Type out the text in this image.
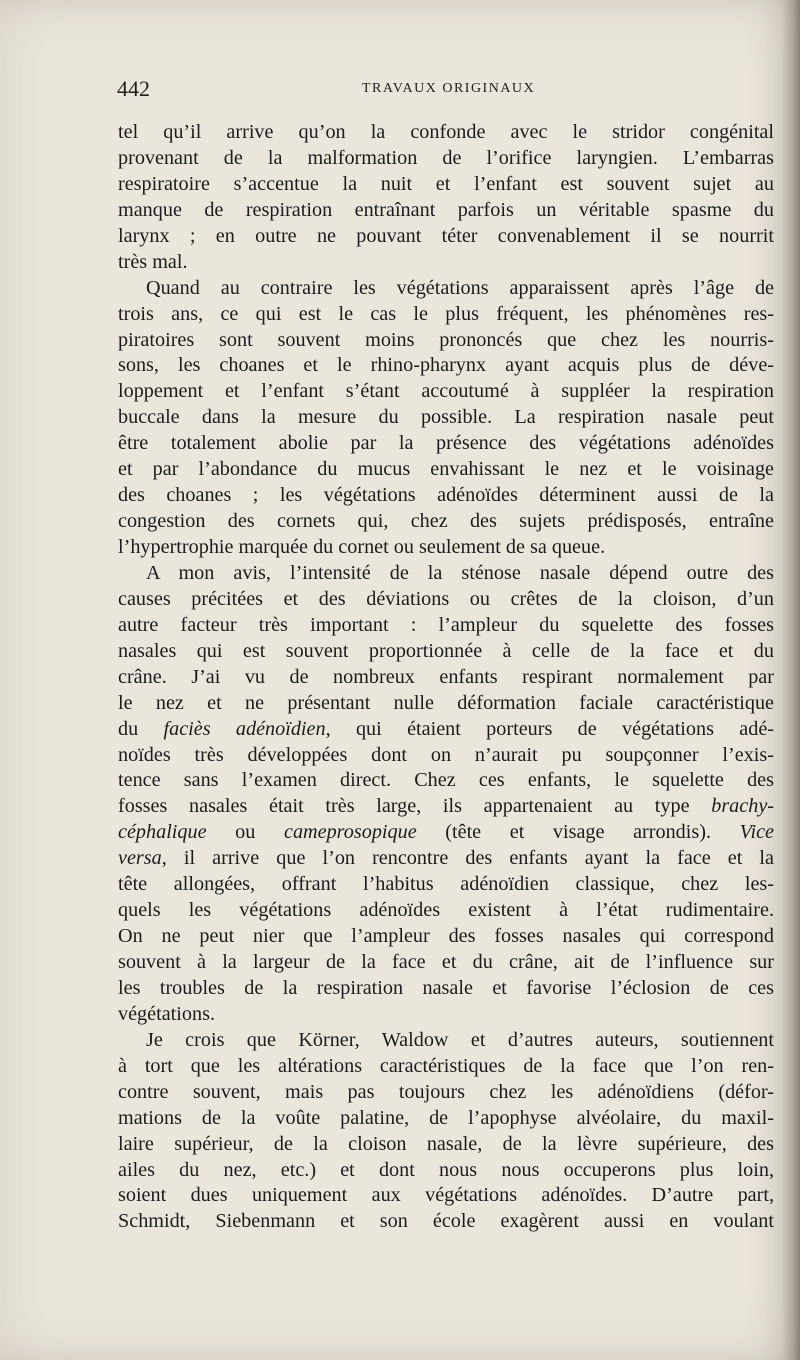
442	TRAVAUX ORIGINAUX
tel qu’il arrive qu’on la confonde avec le stridor congénital
provenant de la malformation de l’orifice laryngien. L’embarras
respiratoire s’accentue la nuit et l’enfant est souvent sujet au
manque de respiration entraînant parfois un véritable spasme du
larynx ; en outre ne pouvant téter convenablement il se nourrit
très mal.
Quand au contraire les végétations apparaissent après l’âge de
trois ans, ce qui est le cas le plus fréquent, les phénomènes res-
piratoires sont souvent moins prononcés que chez les nourris-
sons, les choanes et le rhino-pharynx ayant acquis plus de déve-
loppement et l’enfant s’étant accoutumé à suppléer la respiration
buccale dans la mesure du possible. La respiration nasale peut
être totalement abolie par la présence des végétations adénoïdes
et par l’abondance du mucus envahissant le nez et le voisinage
des choanes ; les végétations adénoïdes déterminent aussi de la
congestion des cornets qui, chez des sujets prédisposés, entraîne
l’hypertrophie marquée du cornet ou seulement de sa queue.
A mon avis, l’intensité de la sténose nasale dépend outre des
causes précitées et des déviations ou crêtes de la cloison, d’un
autre facteur très important : l’ampleur du squelette des fosses
nasales qui est souvent proportionnée à celle de la face et du
crâne. J’ai vu de nombreux enfants respirant normalement par
le nez et ne présentant nulle déformation faciale caractéristique
du faciès adénoïdien, qui étaient porteurs de végétations adé-
noïdes très développées dont on n’aurait pu soupçonner l’exis-
tence sans l’examen direct. Chez ces enfants, le squelette des
fosses nasales était très large, ils appartenaient au type brachy-
céphalique ou cameprosopique (tête et visage arrondis). Vice
versa, il arrive que l’on rencontre des enfants ayant la face et la
tête allongées, offrant l’habitus adénoïdien classique, chez les-
quels les végétations adénoïdes existent à l’état rudimentaire.
On ne peut nier que l’ampleur des fosses nasales qui correspond
souvent à la largeur de la face et du crâne, ait de l’influence sur
les troubles de la respiration nasale et favorise l’éclosion de ces
végétations.
Je crois que Körner, Waldow et d’autres auteurs, soutiennent
à tort que les altérations caractéristiques de la face que l’on ren-
contre souvent, mais pas toujours chez les adénoïdiens (défor-
mations de la voûte palatine, de l’apophyse alvéolaire, du maxil-
laire supérieur, de la cloison nasale, de la lèvre supérieure, des
ailes du nez, etc.) et dont nous nous occuperons plus loin,
soient dues uniquement aux végétations adénoïdes. D’autre part,
Schmidt, Siebenmann et son école exagèrent aussi en voulant
